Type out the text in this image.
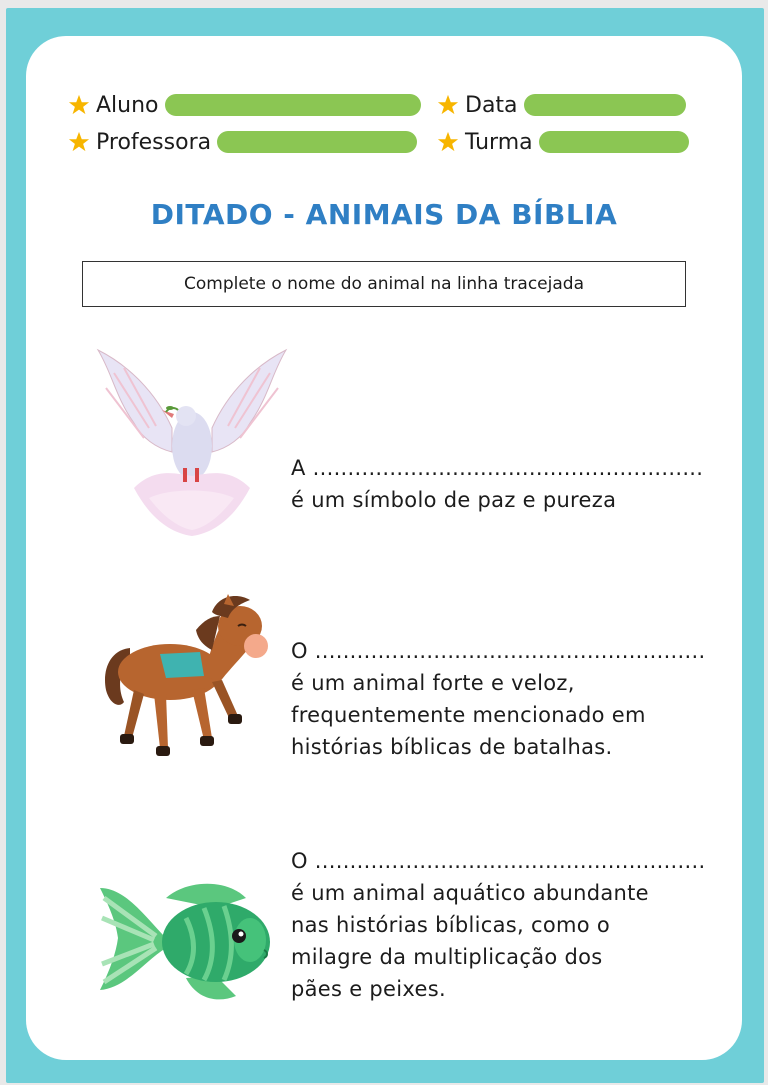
Aluno
Professora
Data
Turma
DITADO - ANIMAIS DA BÍBLIA
Complete o nome do animal na linha tracejada
A ........................................................
é um símbolo de paz e pureza
O ........................................................
é um animal forte e veloz,
frequentemente mencionado em
histórias bíblicas de batalhas.
O ........................................................
é um animal aquático abundante
nas histórias bíblicas, como o
milagre da multiplicação dos
pães e peixes.
